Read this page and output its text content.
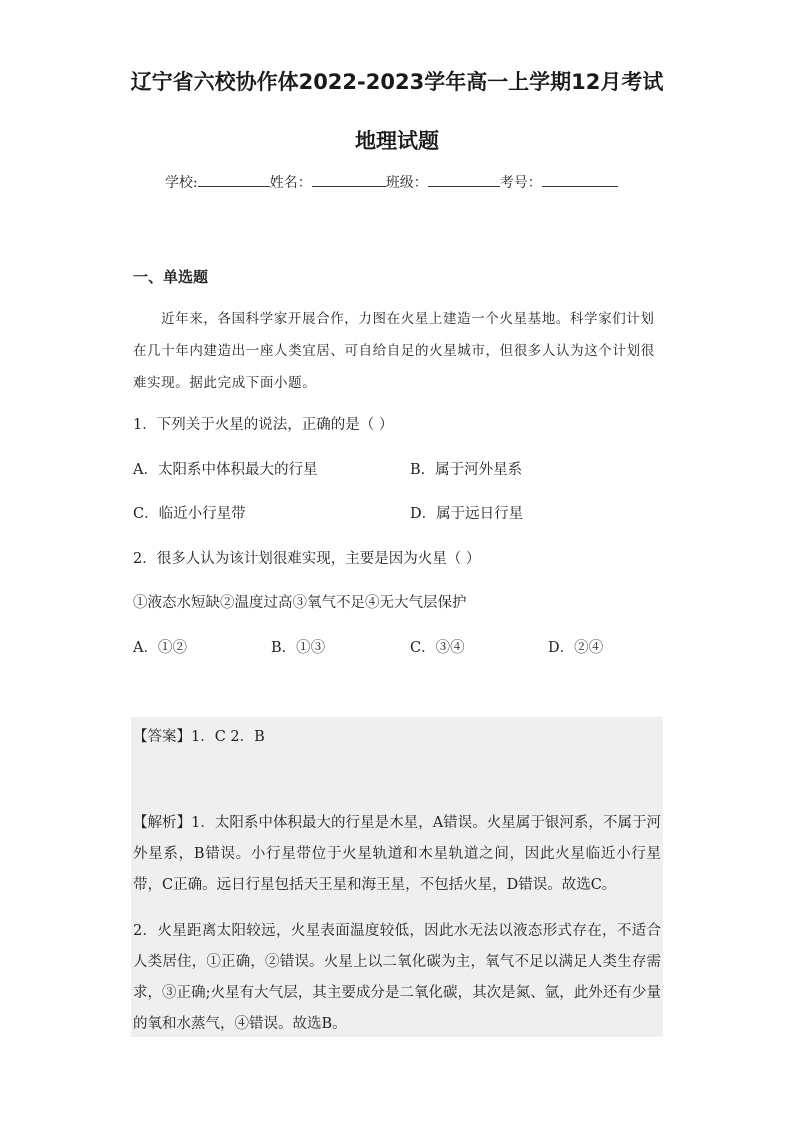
辽宁省六校协作体2022-2023学年高一上学期12月考试
地理试题
学校:	姓名：	班级：	考号：
一、单选题
近年来，各国科学家开展合作，力图在火星上建造一个火星基地。科学家们计划在几十年内建造出一座人类宜居、可自给自足的火星城市，但很多人认为这个计划很难实现。据此完成下面小题。
1．下列关于火星的说法，正确的是（ ）
A．太阳系中体积最大的行星	B．属于河外星系
C．临近小行星带	D．属于远日行星
2．很多人认为该计划很难实现，主要是因为火星（ ）
①液态水短缺②温度过高③氧气不足④无大气层保护
A．①②	B．①③	C．③④	D．②④
【答案】1．C 2．B
【解析】1．太阳系中体积最大的行星是木星，A错误。火星属于银河系，不属于河外星系，B错误。小行星带位于火星轨道和木星轨道之间，因此火星临近小行星带，C正确。远日行星包括天王星和海王星，不包括火星，D错误。故选C。
2．火星距离太阳较远，火星表面温度较低，因此水无法以液态形式存在，不适合人类居住，①正确，②错误。火星上以二氧化碳为主，氧气不足以满足人类生存需求，③正确;火星有大气层，其主要成分是二氧化碳，其次是氮、氩，此外还有少量的氧和水蒸气，④错误。故选B。
